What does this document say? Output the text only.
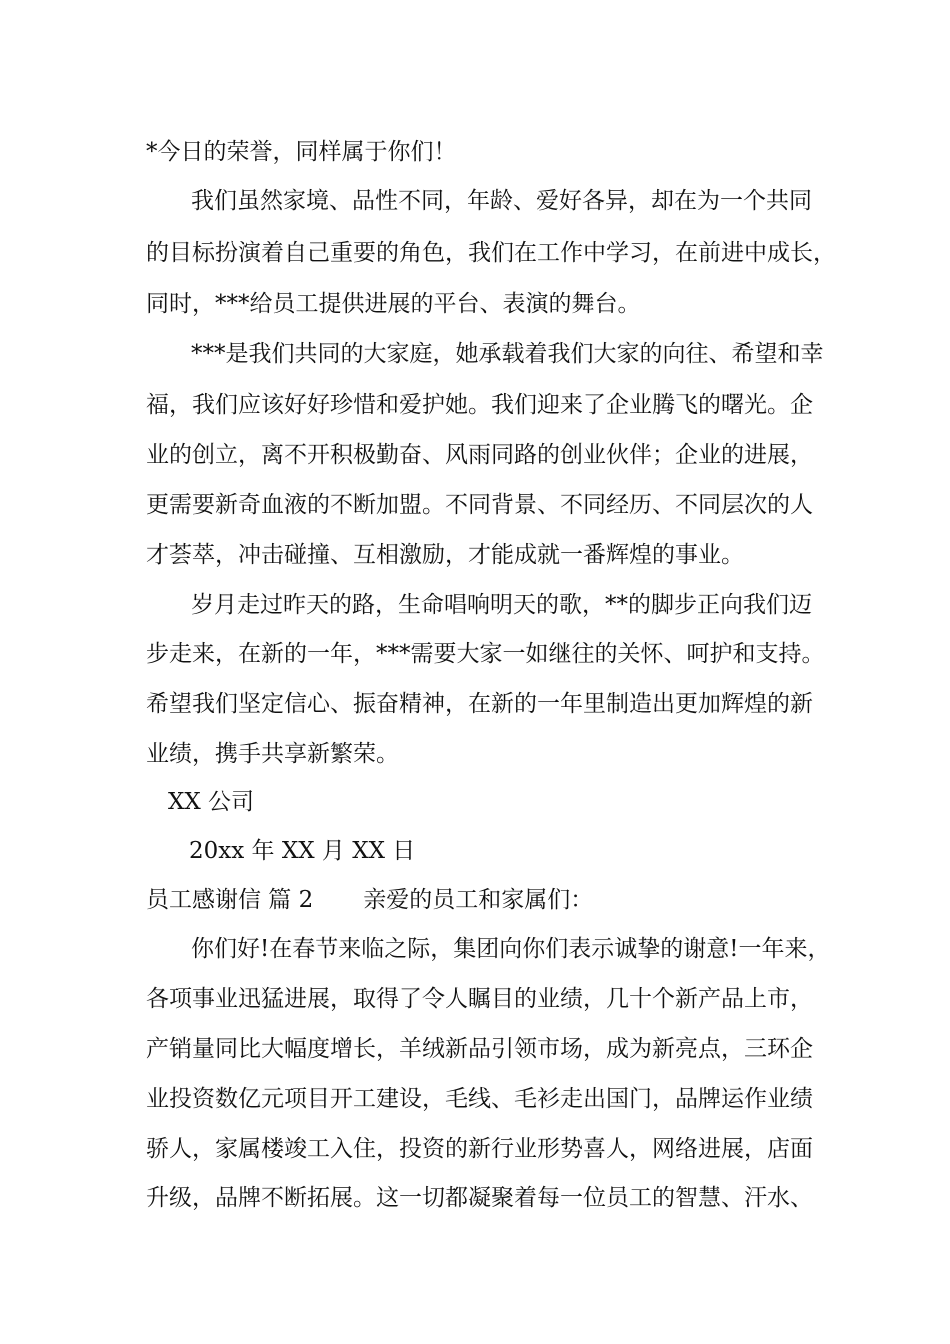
*今日的荣誉，同样属于你们！
我们虽然家境、品性不同，年龄、爱好各异，却在为一个共同
的目标扮演着自己重要的角色，我们在工作中学习，在前进中成长，
同时，***给员工提供进展的平台、表演的舞台。
***是我们共同的大家庭，她承载着我们大家的向往、希望和幸
福，我们应该好好珍惜和爱护她。我们迎来了企业腾飞的曙光。企
业的创立，离不开积极勤奋、风雨同路的创业伙伴；企业的进展，
更需要新奇血液的不断加盟。不同背景、不同经历、不同层次的人
才荟萃，冲击碰撞、互相激励，才能成就一番辉煌的事业。
岁月走过昨天的路，生命唱响明天的歌，**的脚步正向我们迈
步走来，在新的一年，***需要大家一如继往的关怀、呵护和支持。
希望我们坚定信心、振奋精神，在新的一年里制造出更加辉煌的新
业绩，携手共享新繁荣。
XX 公司
20xx 年 XX 月 XX 日
员工感谢信 篇 2 亲爱的员工和家属们：
你们好!在春节来临之际，集团向你们表示诚挚的谢意!一年来，
各项事业迅猛进展，取得了令人瞩目的业绩，几十个新产品上市，
产销量同比大幅度增长，羊绒新品引领市场，成为新亮点，三环企
业投资数亿元项目开工建设，毛线、毛衫走出国门，品牌运作业绩
骄人，家属楼竣工入住，投资的新行业形势喜人，网络进展，店面
升级，品牌不断拓展。这一切都凝聚着每一位员工的智慧、汗水、
